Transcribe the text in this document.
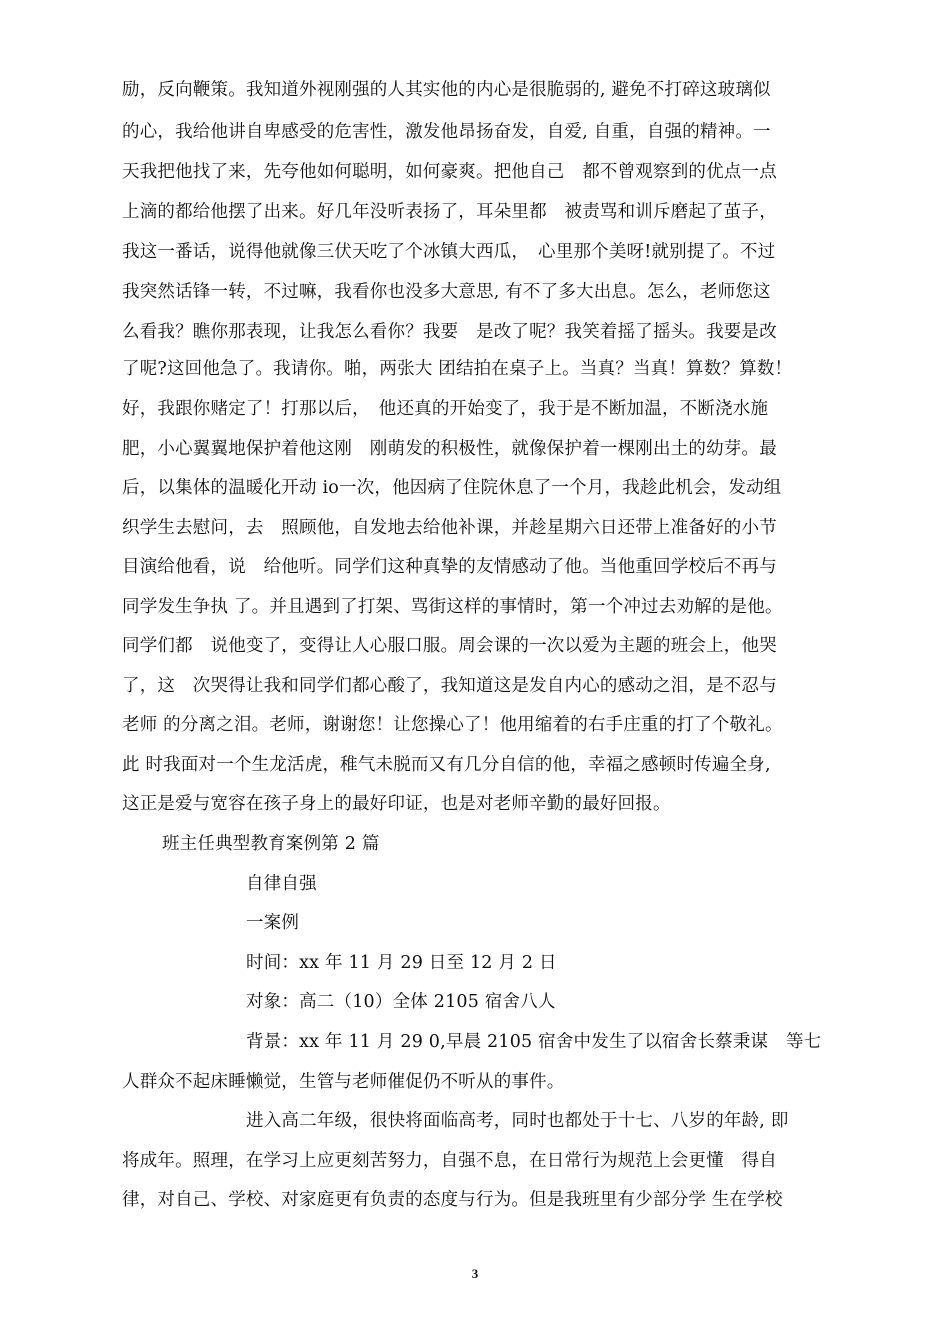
励，反向鞭策。我知道外视刚强的人其实他的内心是很脆弱的, 避免不打碎这玻璃似
的心，我给他讲自卑感受的危害性，激发他昂扬奋发，自爱, 自重，自强的精神。一
天我把他找了来，先夸他如何聪明，如何豪爽。把他自己　都不曾观察到的优点一点
上滴的都给他摆了出来。好几年没听表扬了，耳朵里都　被责骂和训斥磨起了茧子，
我这一番话，说得他就像三伏天吃了个冰镇大西瓜，　心里那个美呀!就别提了。不过
我突然话锋一转，不过嘛，我看你也没多大意思, 有不了多大出息。怎么，老师您这
么看我？瞧你那表现，让我怎么看你？我要　是改了呢？我笑着摇了摇头。我要是改
了呢?这回他急了。我请你。啪，两张大 团结拍在桌子上。当真？当真！算数？算数！
好，我跟你赌定了！打那以后，　他还真的开始变了，我于是不断加温，不断浇水施
肥，小心翼翼地保护着他这刚　刚萌发的积极性，就像保护着一棵刚出土的幼芽。最
后，以集体的温暖化开动 io一次，他因病了住院休息了一个月，我趁此机会，发动组
织学生去慰问，去　照顾他，自发地去给他补课，并趁星期六日还带上准备好的小节
目演给他看，说　给他听。同学们这种真挚的友情感动了他。当他重回学校后不再与
同学发生争执 了。并且遇到了打架、骂街这样的事情时，第一个冲过去劝解的是他。
同学们都　说他变了，变得让人心服口服。周会课的一次以爱为主题的班会上，他哭
了，这　次哭得让我和同学们都心酸了，我知道这是发自内心的感动之泪，是不忍与
老师 的分离之泪。老师，谢谢您！让您操心了！他用缩着的右手庄重的打了个敬礼。
此 时我面对一个生龙活虎，稚气未脱而又有几分自信的他，幸福之感顿时传遍全身,
这正是爱与宽容在孩子身上的最好印证，也是对老师辛勤的最好回报。
班主任典型教育案例第 2 篇
自律自强
一案例
时间：xx 年 11 月 29 日至 12 月 2 日
对象：高二（10）全体 2105 宿舍八人
背景：xx 年 11 月 29 0,早晨 2105 宿舍中发生了以宿舍长蔡秉谋　等七
人群众不起床睡懒觉，生管与老师催促仍不听从的事件。
进入高二年级，很快将面临高考，同时也都处于十七、八岁的年龄, 即
将成年。照理，在学习上应更刻苦努力，自强不息，在日常行为规范上会更懂　得自
律，对自己、学校、对家庭更有负责的态度与行为。但是我班里有少部分学 生在学校
3
